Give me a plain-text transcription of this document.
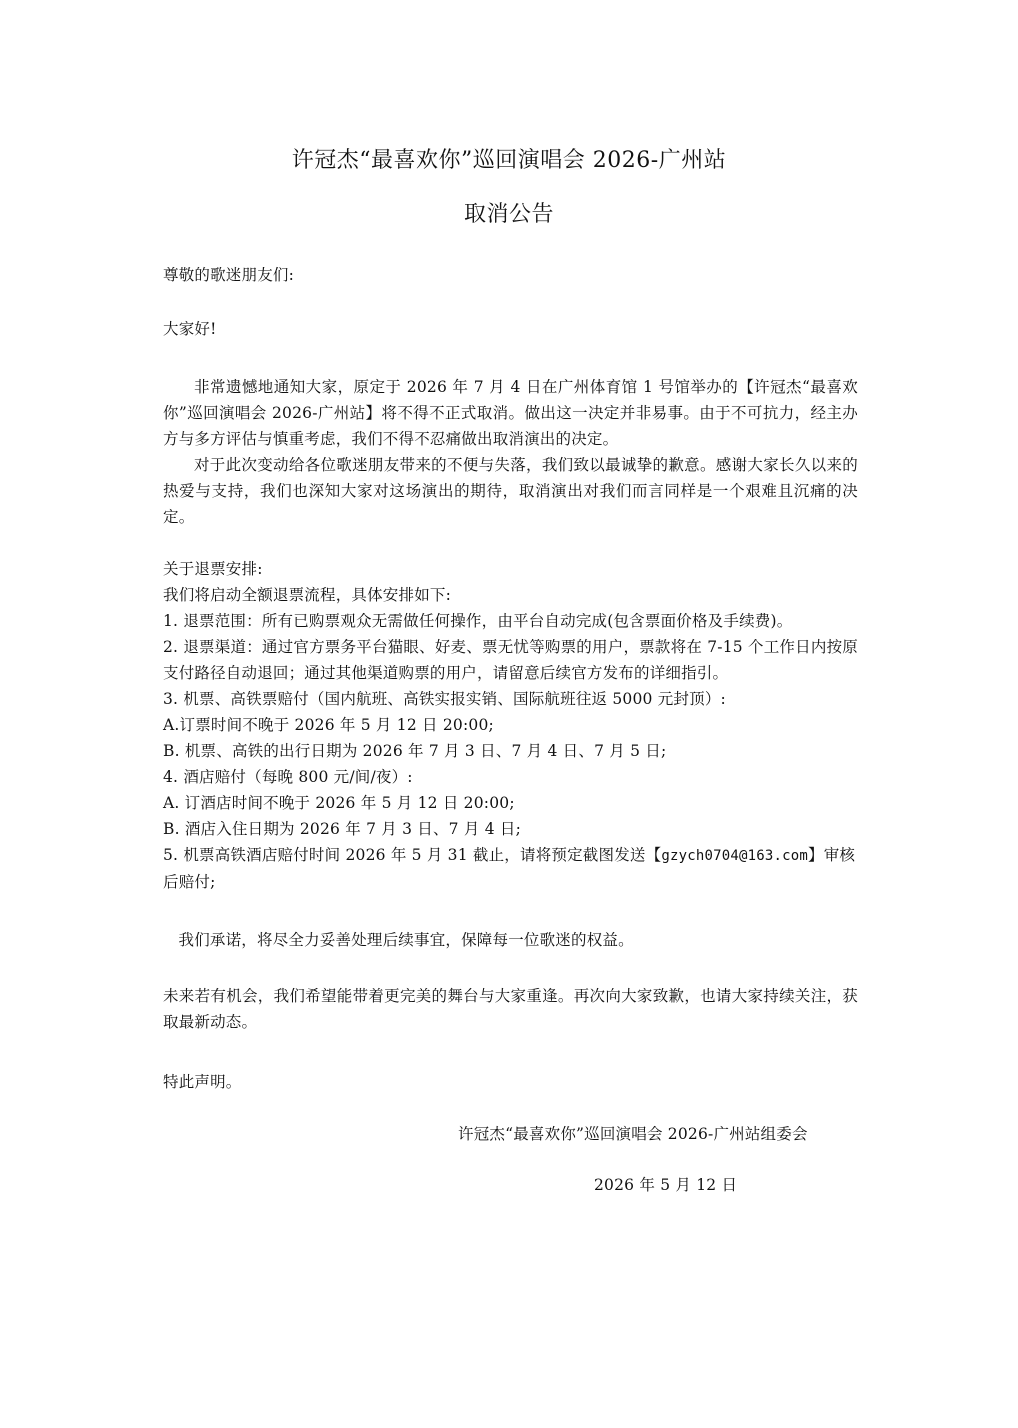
许冠杰“最喜欢你”巡回演唱会 2026-广州站
取消公告

尊敬的歌迷朋友们:

大家好!

非常遗憾地通知大家，原定于 2026 年 7 月 4 日在广州体育馆 1 号馆举办的【许冠杰“最喜欢你”巡回演唱会 2026-广州站】将不得不正式取消。做出这一决定并非易事。由于不可抗力，经主办方与多方评估与慎重考虑，我们不得不忍痛做出取消演出的决定。

对于此次变动给各位歌迷朋友带来的不便与失落，我们致以最诚挚的歉意。感谢大家长久以来的热爱与支持，我们也深知大家对这场演出的期待，取消演出对我们而言同样是一个艰难且沉痛的决定。

关于退票安排:

我们将启动全额退票流程，具体安排如下:

1. 退票范围：所有已购票观众无需做任何操作，由平台自动完成(包含票面价格及手续费)。

2. 退票渠道：通过官方票务平台猫眼、好麦、票无忧等购票的用户，票款将在 7-15 个工作日内按原支付路径自动退回；通过其他渠道购票的用户，请留意后续官方发布的详细指引。

3. 机票、高铁票赔付（国内航班、高铁实报实销、国际航班往返 5000 元封顶）:

A.订票时间不晚于 2026 年 5 月 12 日 20:00;

B. 机票、高铁的出行日期为 2026 年 7 月 3 日、7 月 4 日、7 月 5 日;

4. 酒店赔付（每晚 800 元/间/夜）:

A. 订酒店时间不晚于 2026 年 5 月 12 日 20:00;

B. 酒店入住日期为 2026 年 7 月 3 日、7 月 4 日;

5. 机票高铁酒店赔付时间 2026 年 5 月 31 截止，请将预定截图发送【gzych0704@163.com】审核后赔付;

我们承诺，将尽全力妥善处理后续事宜，保障每一位歌迷的权益。

未来若有机会，我们希望能带着更完美的舞台与大家重逢。再次向大家致歉，也请大家持续关注，获取最新动态。

特此声明。
许冠杰“最喜欢你”巡回演唱会 2026-广州站组委会
2026 年 5 月 12 日
